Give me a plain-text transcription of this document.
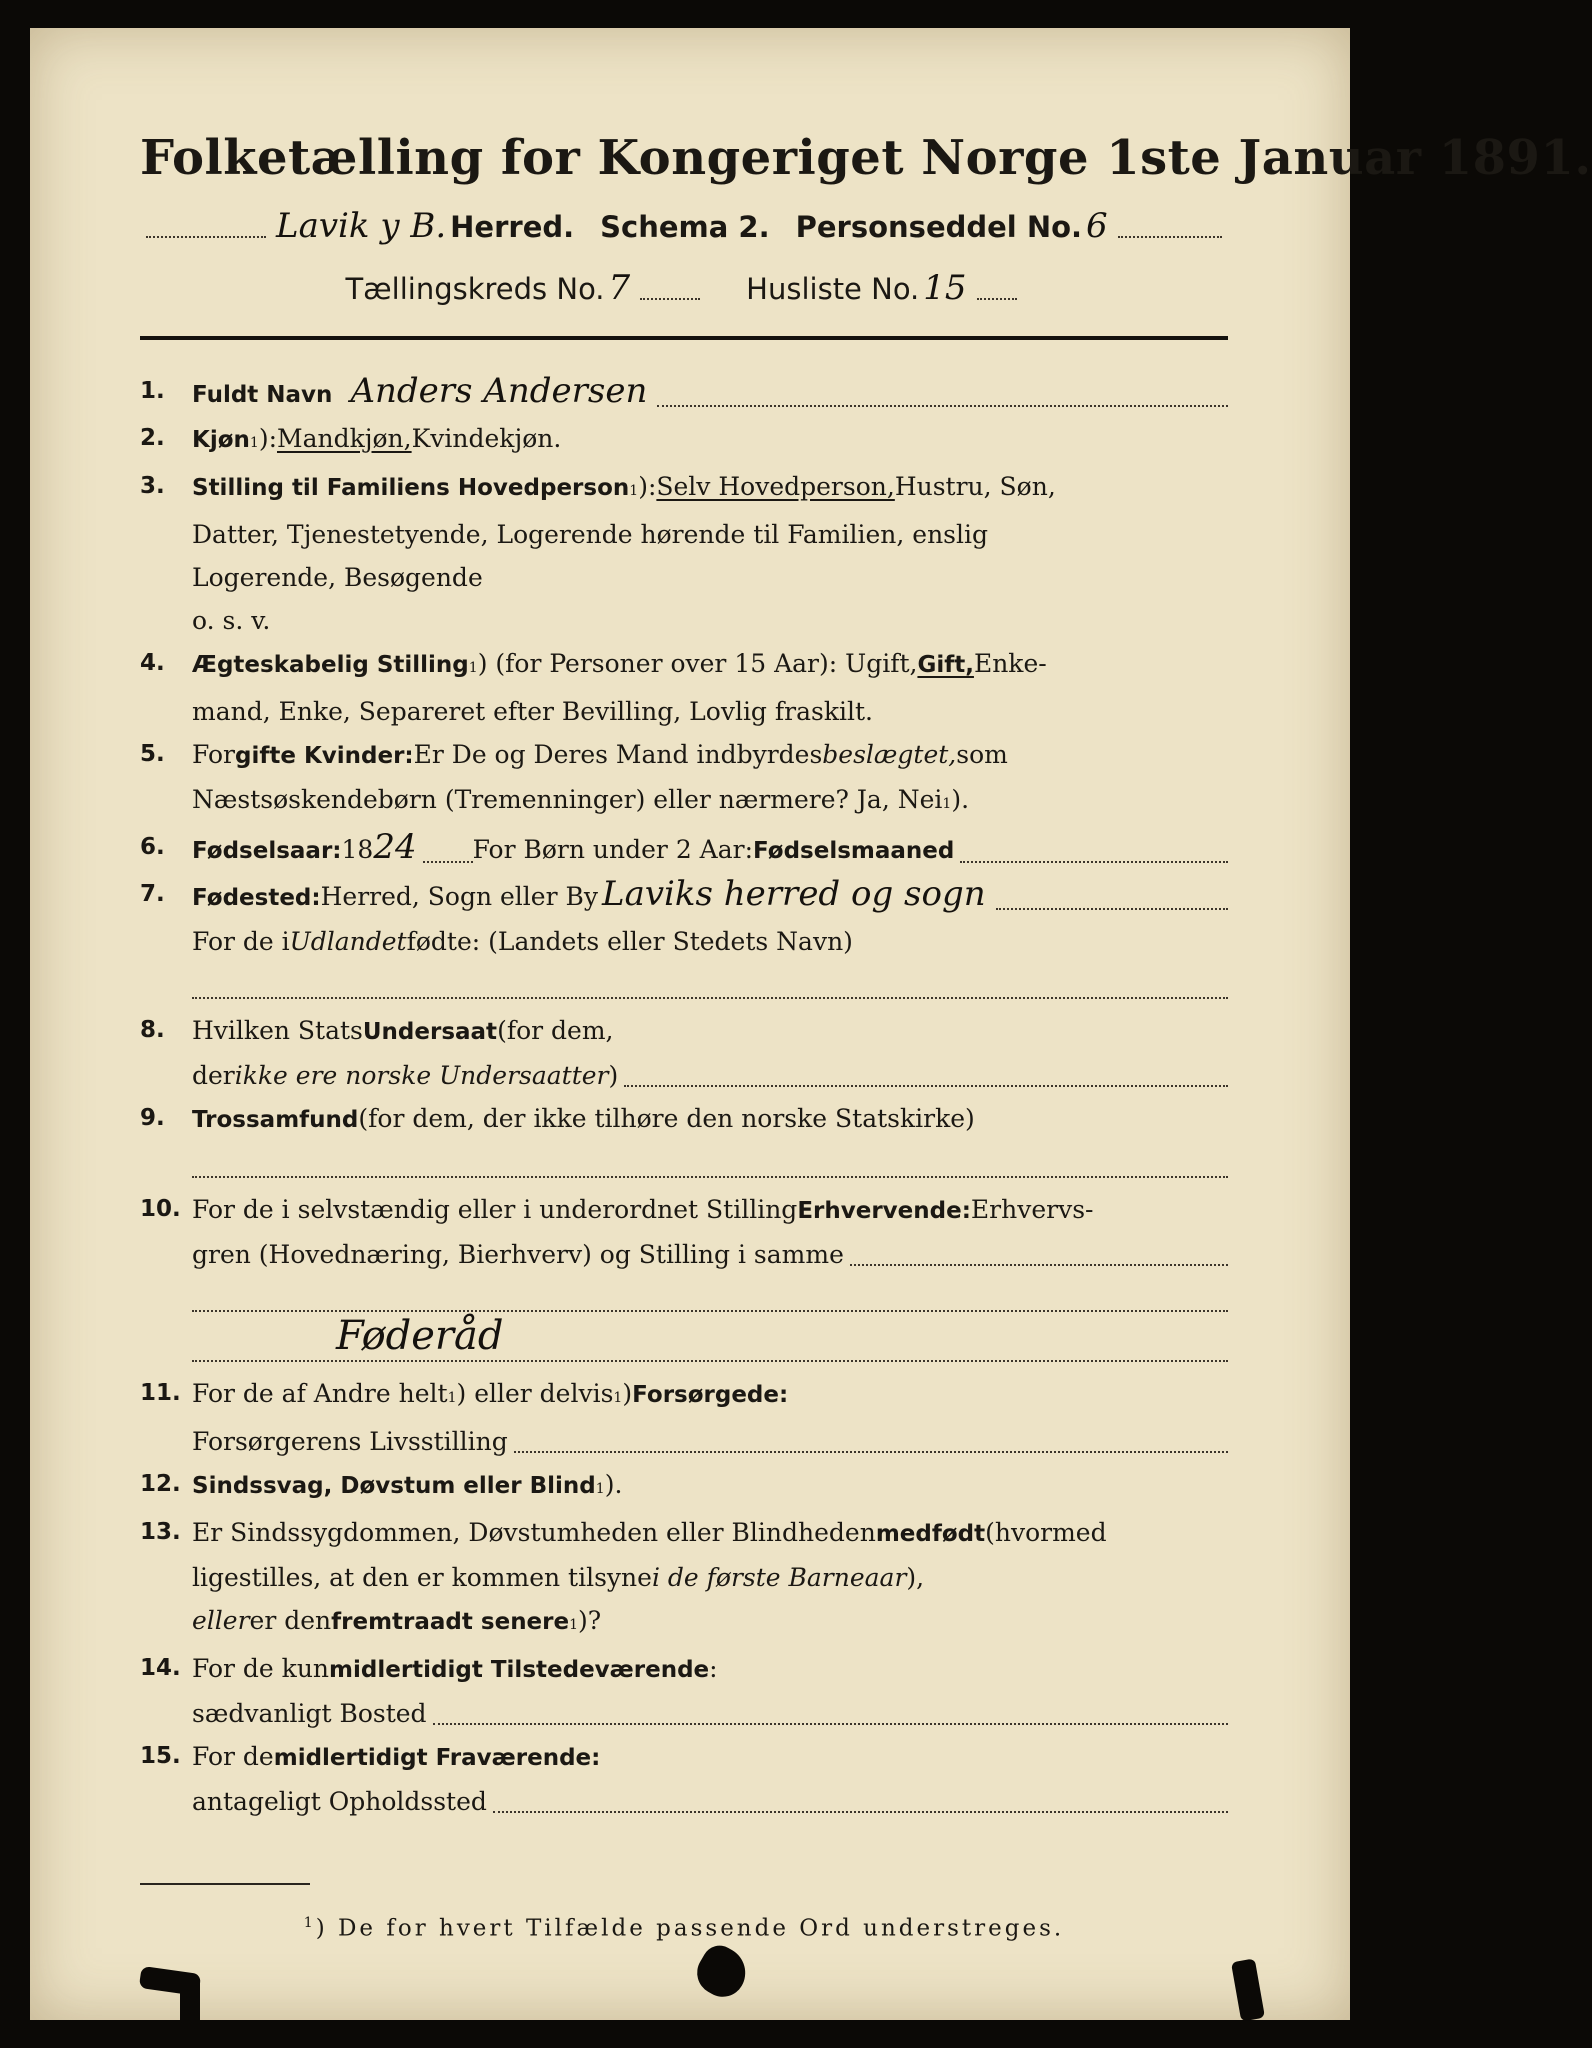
Folketælling for Kongeriget Norge 1ste Januar 1891.
Lavik y B. Herred. Schema 2. Personseddel No. 6
Tællingskreds No. 7	Husliste No. 15
1.	Fuldt Navn Anders Andersen
2.	Kjøn 1 ): Mandkjøn, Kvindekjøn.
3.	Stilling til Familiens Hovedperson 1 ): Selv Hovedperson, Hustru, Søn,
Datter, Tjenestetyende, Logerende hørende til Familien, enslig
Logerende, Besøgende
o. s. v.
4.	Ægteskabelig Stilling 1 ) (for Personer over 15 Aar): Ugift, Gift, Enke-
mand, Enke, Separeret efter Bevilling, Lovlig fraskilt.
5.	For gifte Kvinder: Er De og Deres Mand indbyrdes beslægtet, som
Næstsøskendebørn (Tremenninger) eller nærmere? Ja, Nei$_1$ ).
6.	Fødselsaar: 18 24 For Børn under 2 Aar: Fødselsmaaned
7.	Fødested: Herred, Sogn eller By Laviks herred og sogn
For de i Udlandet fødte: (Landets eller Stedets Navn)
8.	Hvilken Stats Undersaat (for dem,
der ikke ere norske Undersaatter )
9.	Trossamfund (for dem, der ikke tilhøre den norske Statskirke)
10. For de i selvstændig eller i underordnet Stilling Erhvervende: Erhvervs-
gren (Hovednæring, Bierhverv) og Stilling i samme
Føderåd
11. For de af Andre helt$_1$ ) eller delvis $_1$ ) Forsørgede:
Forsørgerens Livsstilling
12. Sindssvag, Døvstum eller Blind 1 ).
13. Er Sindssygdommen, Døvstumheden eller Blindheden medfødt (hvormed
ligestilles, at den er kommen tilsyne i de første Barneaar ),
eller er den fremtraadt senere 1 )?
14. For de kun midlertidigt Tilstedeværende :
sædvanligt Bosted
15. For de midlertidigt Fraværende:
antageligt Opholdssted
$^1$) De for hvert Tilfælde passende Ord understreges.
